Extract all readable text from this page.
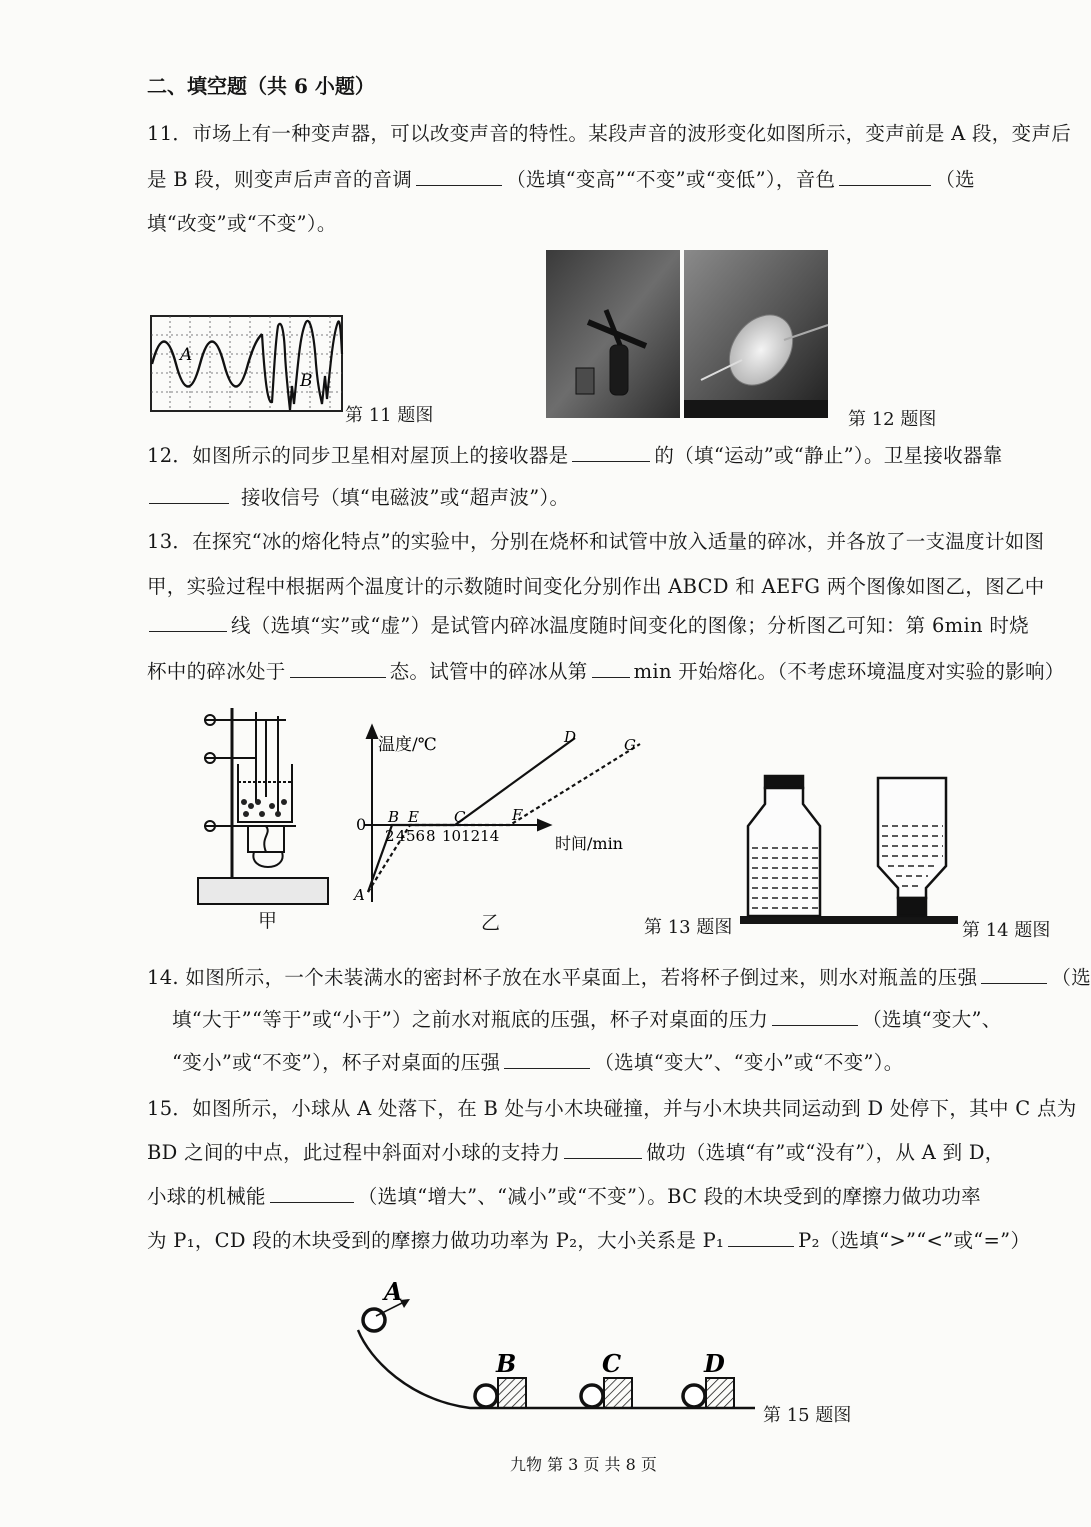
二、填空题（共 6 小题）
11．市场上有一种变声器，可以改变声音的特性。某段声音的波形变化如图所示，变声前是 A 段，变声后
是 B 段，则变声后声音的音调	（选填“变高”“不变”或“变低”），音色	（选
填“改变”或“不变”）。
A
B
第 11 题图	第 12 题图
12．如图所示的同步卫星相对屋顶上的接收器是	的（填“运动”或“静止”）。卫星接收器靠
接收信号（填“电磁波”或“超声波”）。
13．在探究“冰的熔化特点”的实验中，分别在烧杯和试管中放入适量的碎冰，并各放了一支温度计如图
甲，实验过程中根据两个温度计的示数随时间变化分别作出 ABCD 和 AEFG 两个图像如图乙，图乙中
线（选填“实”或“虚”）是试管内碎冰温度随时间变化的图像；分析图乙可知：第 6min 时烧
杯中的碎冰处于	态。试管中的碎冰从第 min 开始熔化。（不考虑环境温度对实验的影响）
甲
温度/℃
时间/min
0
2 4 56 8 101214
A
B E C	F
D	G
乙	第 13 题图	第 14 题图
14. 如图所示，一个未装满水的密封杯子放在水平桌面上，若将杯子倒过来，则水对瓶盖的压强	（选
填“大于”“等于”或“小于”）之前水对瓶底的压强，杯子对桌面的压力	（选填“变大”、
“变小”或“不变”），杯子对桌面的压强	（选填“变大”、“变小”或“不变”）。
15．如图所示，小球从 A 处落下，在 B 处与小木块碰撞，并与小木块共同运动到 D 处停下，其中 C 点为
BD 之间的中点，此过程中斜面对小球的支持力	做功（选填“有”或“没有”），从 A 到 D，
小球的机械能	（选填“增大”、“减小”或“不变”）。BC 段的木块受到的摩擦力做功功率
为 P₁，CD 段的木块受到的摩擦力做功功率为 P₂，大小关系是 P₁	P₂（选填“>”“<”或“=”）
A
B	C	D
第 15 题图
九物 第 3 页 共 8 页
